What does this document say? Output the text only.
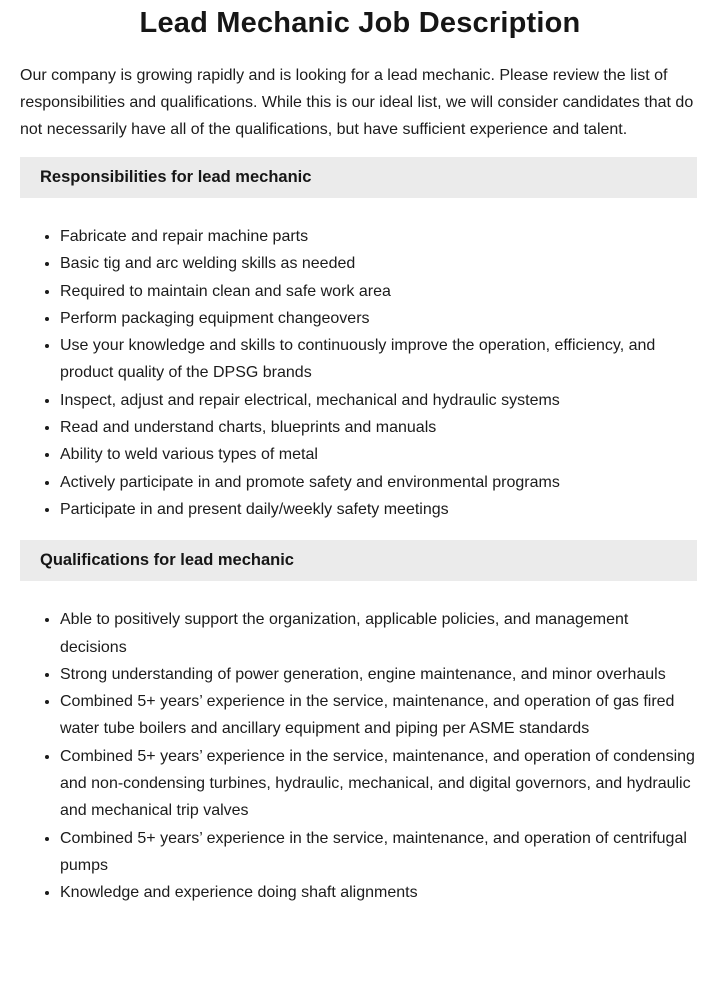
Lead Mechanic Job Description

Our company is growing rapidly and is looking for a lead mechanic. Please review the list of responsibilities and qualifications. While this is our ideal list, we will consider candidates that do not necessarily have all of the qualifications, but have sufficient experience and talent.

Responsibilities for lead mechanic
• Fabricate and repair machine parts
• Basic tig and arc welding skills as needed
• Required to maintain clean and safe work area
• Perform packaging equipment changeovers
• Use your knowledge and skills to continuously improve the operation, efficiency, and product quality of the DPSG brands
• Inspect, adjust and repair electrical, mechanical and hydraulic systems
• Read and understand charts, blueprints and manuals
• Ability to weld various types of metal
• Actively participate in and promote safety and environmental programs
• Participate in and present daily/weekly safety meetings
Qualifications for lead mechanic
• Able to positively support the organization, applicable policies, and management decisions
• Strong understanding of power generation, engine maintenance, and minor overhauls
• Combined 5+ years’ experience in the service, maintenance, and operation of gas fired water tube boilers and ancillary equipment and piping per ASME standards
• Combined 5+ years’ experience in the service, maintenance, and operation of condensing and non-condensing turbines, hydraulic, mechanical, and digital governors, and hydraulic and mechanical trip valves
• Combined 5+ years’ experience in the service, maintenance, and operation of centrifugal pumps
• Knowledge and experience doing shaft alignments
